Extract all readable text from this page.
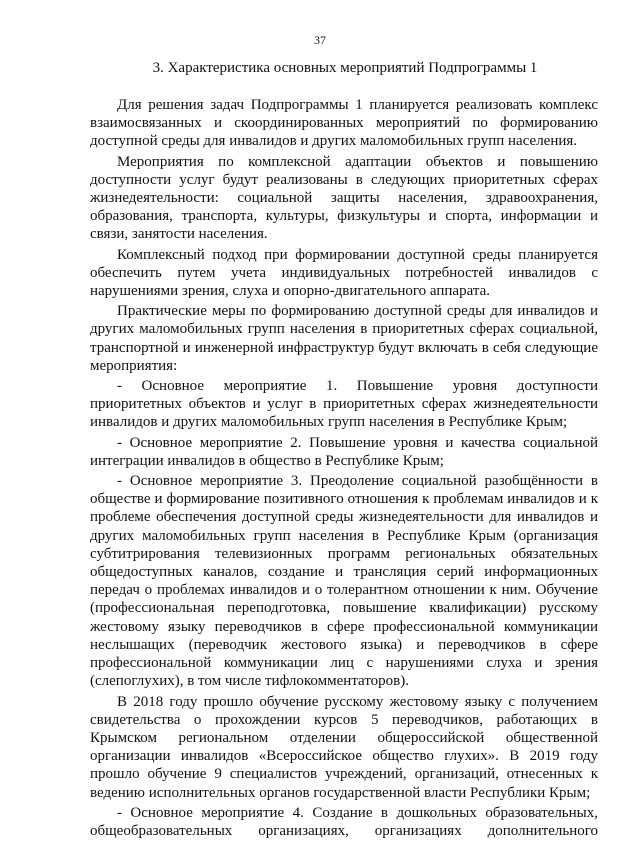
37
3. Характеристика основных мероприятий Подпрограммы 1

Для решения задач Подпрограммы 1 планируется реализовать комплекс взаимосвязанных и скоординированных мероприятий по формированию доступной среды для инвалидов и других маломобильных групп населения.

Мероприятия по комплексной адаптации объектов и повышению доступности услуг будут реализованы в следующих приоритетных сферах жизнедеятельности: социальной защиты населения, здравоохранения, образования, транспорта, культуры, физкультуры и спорта, информации и связи, занятости населения.

Комплексный подход при формировании доступной среды планируется обеспечить путем учета индивидуальных потребностей инвалидов с нарушениями зрения, слуха и опорно-двигательного аппарата.

Практические меры по формированию доступной среды для инвалидов и других маломобильных групп населения в приоритетных сферах социальной, транспортной и инженерной инфраструктур будут включать в себя следующие мероприятия:

- Основное мероприятие 1. Повышение уровня доступности приоритетных объектов и услуг в приоритетных сферах жизнедеятельности инвалидов и других маломобильных групп населения в Республике Крым;

- Основное мероприятие 2. Повышение уровня и качества социальной интеграции инвалидов в общество в Республике Крым;

- Основное мероприятие 3. Преодоление социальной разобщённости в обществе и формирование позитивного отношения к проблемам инвалидов и к проблеме обеспечения доступной среды жизнедеятельности для инвалидов и других маломобильных групп населения в Республике Крым (организация субтитрирования телевизионных программ региональных обязательных общедоступных каналов, создание и трансляция серий информационных передач о проблемах инвалидов и о толерантном отношении к ним. Обучение (профессиональная переподготовка, повышение квалификации) русскому жестовому языку переводчиков в сфере профессиональной коммуникации неслышащих (переводчик жестового языка) и переводчиков в сфере профессиональной коммуникации лиц с нарушениями слуха и зрения (слепоглухих), в том числе тифлокомментаторов).

В 2018 году прошло обучение русскому жестовому языку с получением свидетельства о прохождении курсов 5 переводчиков, работающих в Крымском региональном отделении общероссийской общественной организации инвалидов «Всероссийское общество глухих». В 2019 году прошло обучение 9 специалистов учреждений, организаций, отнесенных к ведению исполнительных органов государственной власти Республики Крым;

- Основное мероприятие 4. Создание в дошкольных образовательных, общеобразовательных организациях, организациях дополнительного
